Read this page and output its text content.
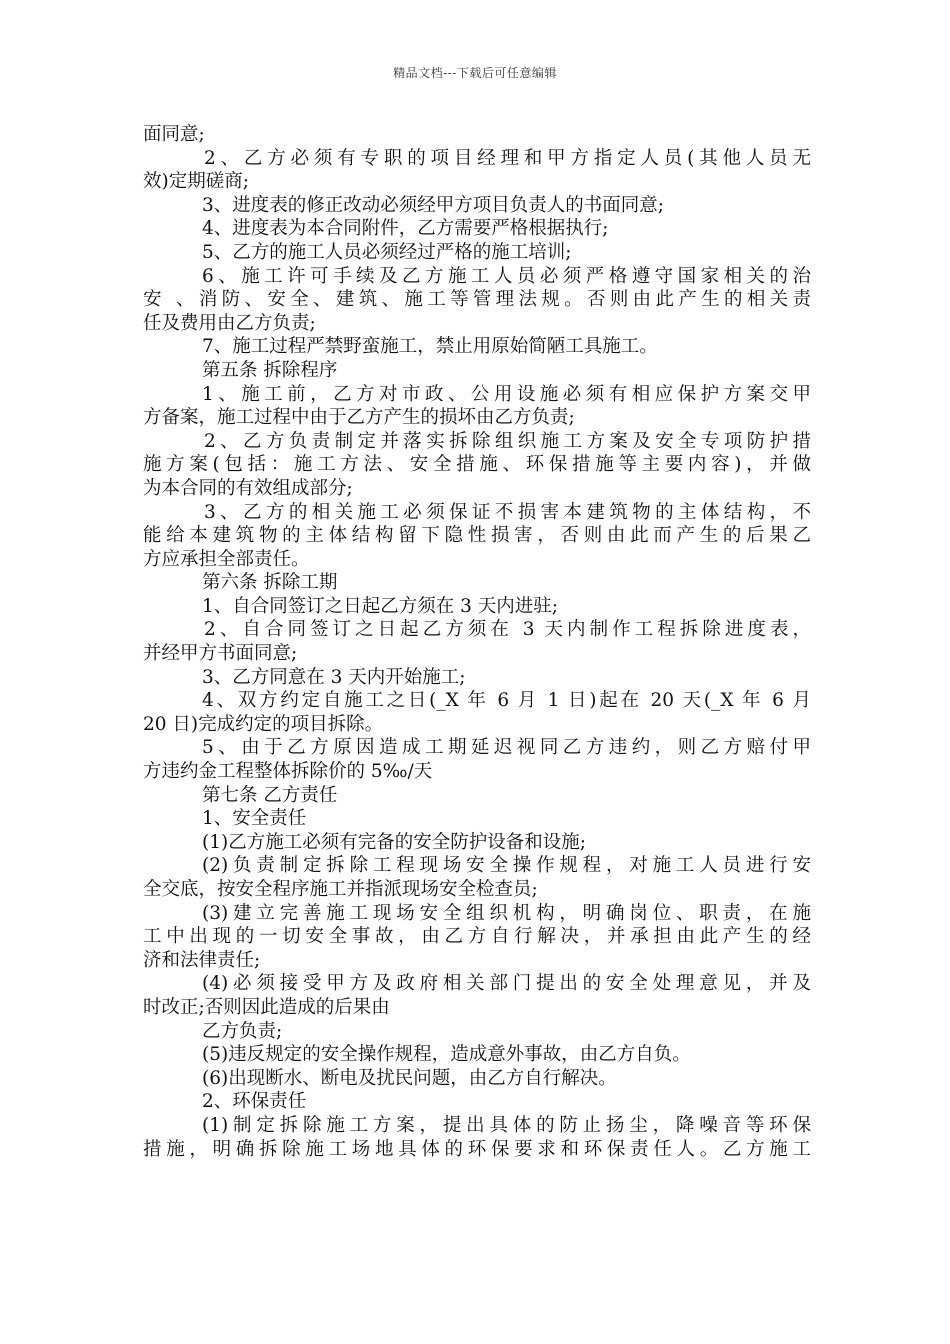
精品文档---下载后可任意编辑
面同意;
2、乙方必须有专职的项目经理和甲方指定人员(其他人员无
效)定期磋商;
3、进度表的修正改动必须经甲方项目负责人的书面同意;
4、进度表为本合同附件，乙方需要严格根据执行;
5、乙方的施工人员必须经过严格的施工培训;
6、施工许可手续及乙方施工人员必须严格遵守国家相关的治
安 、消防、安全、建筑、施工等管理法规。否则由此产生的相关责
任及费用由乙方负责;
7、施工过程严禁野蛮施工，禁止用原始简陋工具施工。
第五条 拆除程序
1、施工前，乙方对市政、公用设施必须有相应保护方案交甲
方备案，施工过程中由于乙方产生的损坏由乙方负责;
2、乙方负责制定并落实拆除组织施工方案及安全专项防护措
施方案(包括：施工方法、安全措施、环保措施等主要内容)，并做
为本合同的有效组成部分;
3、乙方的相关施工必须保证不损害本建筑物的主体结构，不
能给本建筑物的主体结构留下隐性损害，否则由此而产生的后果乙
方应承担全部责任。
第六条 拆除工期
1、自合同签订之日起乙方须在 3 天内进驻;
2、自合同签订之日起乙方须在 3 天内制作工程拆除进度表，
并经甲方书面同意;
3、乙方同意在 3 天内开始施工;
4、双方约定自施工之日(_X 年 6 月 1 日)起在 20 天(_X 年 6 月
20 日)完成约定的项目拆除。
5、由于乙方原因造成工期延迟视同乙方违约，则乙方赔付甲
方违约金工程整体拆除价的 5‰/天
第七条 乙方责任
1、安全责任
(1)乙方施工必须有完备的安全防护设备和设施;
(2)负责制定拆除工程现场安全操作规程，对施工人员进行安
全交底，按安全程序施工并指派现场安全检查员;
(3)建立完善施工现场安全组织机构，明确岗位、职责，在施
工中出现的一切安全事故，由乙方自行解决，并承担由此产生的经
济和法律责任;
(4)必须接受甲方及政府相关部门提出的安全处理意见，并及
时改正;否则因此造成的后果由
乙方负责;
(5)违反规定的安全操作规程，造成意外事故，由乙方自负。
(6)出现断水、断电及扰民问题，由乙方自行解决。
2、环保责任
(1)制定拆除施工方案，提出具体的防止扬尘，降噪音等环保
措施，明确拆除施工场地具体的环保要求和环保责任人。乙方施工
